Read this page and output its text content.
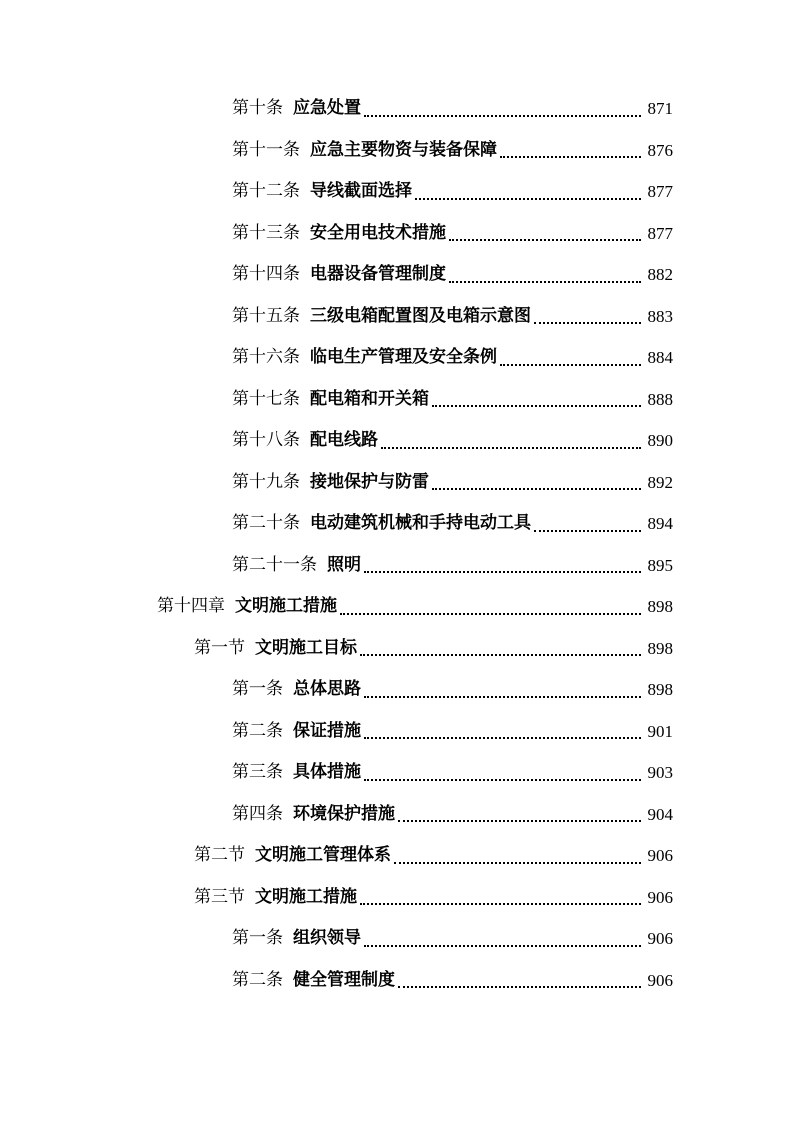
第十条 应急处置	871
第十一条 应急主要物资与装备保障	876
第十二条 导线截面选择	877
第十三条 安全用电技术措施	877
第十四条 电器设备管理制度	882
第十五条 三级电箱配置图及电箱示意图	883
第十六条 临电生产管理及安全条例	884
第十七条 配电箱和开关箱	888
第十八条 配电线路	890
第十九条 接地保护与防雷	892
第二十条 电动建筑机械和手持电动工具	894
第二十一条 照明	895
第十四章 文明施工措施	898
第一节 文明施工目标	898
第一条 总体思路	898
第二条 保证措施	901
第三条 具体措施	903
第四条 环境保护措施	904
第二节 文明施工管理体系	906
第三节 文明施工措施	906
第一条 组织领导	906
第二条 健全管理制度	906
